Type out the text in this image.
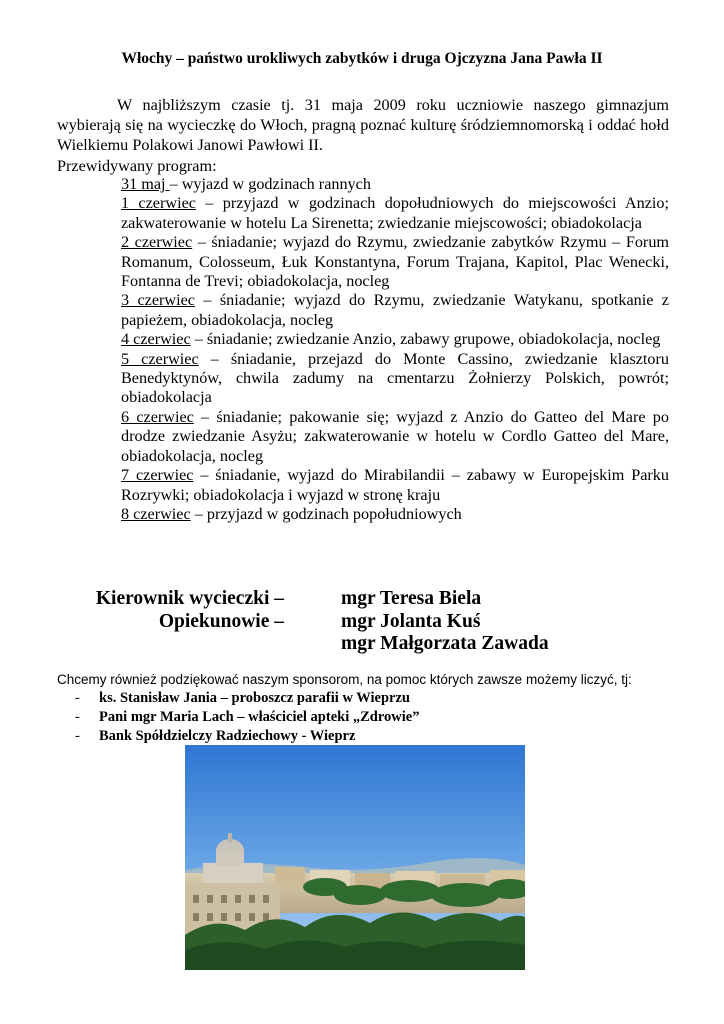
Włochy – państwo urokliwych zabytków i druga Ojczyzna Jana Pawła II

W najbliższym czasie tj. 31 maja 2009 roku uczniowie naszego gimnazjum wybierają się na wycieczkę do Włoch, pragną poznać kulturę śródziemnomorską i oddać hołd Wielkiemu Polakowi Janowi Pawłowi II.

Przewidywany program:
31 maj – wyjazd w godzinach rannych
1 czerwiec – przyjazd w godzinach dopołudniowych do miejscowości Anzio; zakwaterowanie w hotelu La Sirenetta; zwiedzanie miejscowości; obiadokolacja
2 czerwiec – śniadanie; wyjazd do Rzymu, zwiedzanie zabytków Rzymu – Forum Romanum, Colosseum, Łuk Konstantyna, Forum Trajana, Kapitol, Plac Wenecki, Fontanna de Trevi; obiadokolacja, nocleg
3 czerwiec – śniadanie; wyjazd do Rzymu, zwiedzanie Watykanu, spotkanie z papieżem, obiadokolacja, nocleg
4 czerwiec – śniadanie; zwiedzanie Anzio, zabawy grupowe, obiadokolacja, nocleg
5 czerwiec – śniadanie, przejazd do Monte Cassino, zwiedzanie klasztoru Benedyktynów, chwila zadumy na cmentarzu Żołnierzy Polskich, powrót; obiadokolacja
6 czerwiec – śniadanie; pakowanie się; wyjazd z Anzio do Gatteo del Mare po drodze zwiedzanie Asyżu; zakwaterowanie w hotelu w Cordlo Gatteo del Mare, obiadokolacja, nocleg
7 czerwiec – śniadanie, wyjazd do Mirabilandii – zabawy w Europejskim Parku Rozrywki; obiadokolacja i wyjazd w stronę kraju
8 czerwiec – przyjazd w godzinach popołudniowych
Kierownik wycieczki –	mgr Teresa Biela
Opiekunowie –	mgr Jolanta Kuś
mgr Małgorzata Zawada
Chcemy również podziękować naszym sponsorom, na pomoc których zawsze możemy liczyć, tj:
- ks. Stanisław Jania – proboszcz parafii w Wieprzu
- Pani mgr Maria Lach – właściciel apteki „Zdrowie”
- Bank Spółdzielczy Radziechowy - Wieprz
